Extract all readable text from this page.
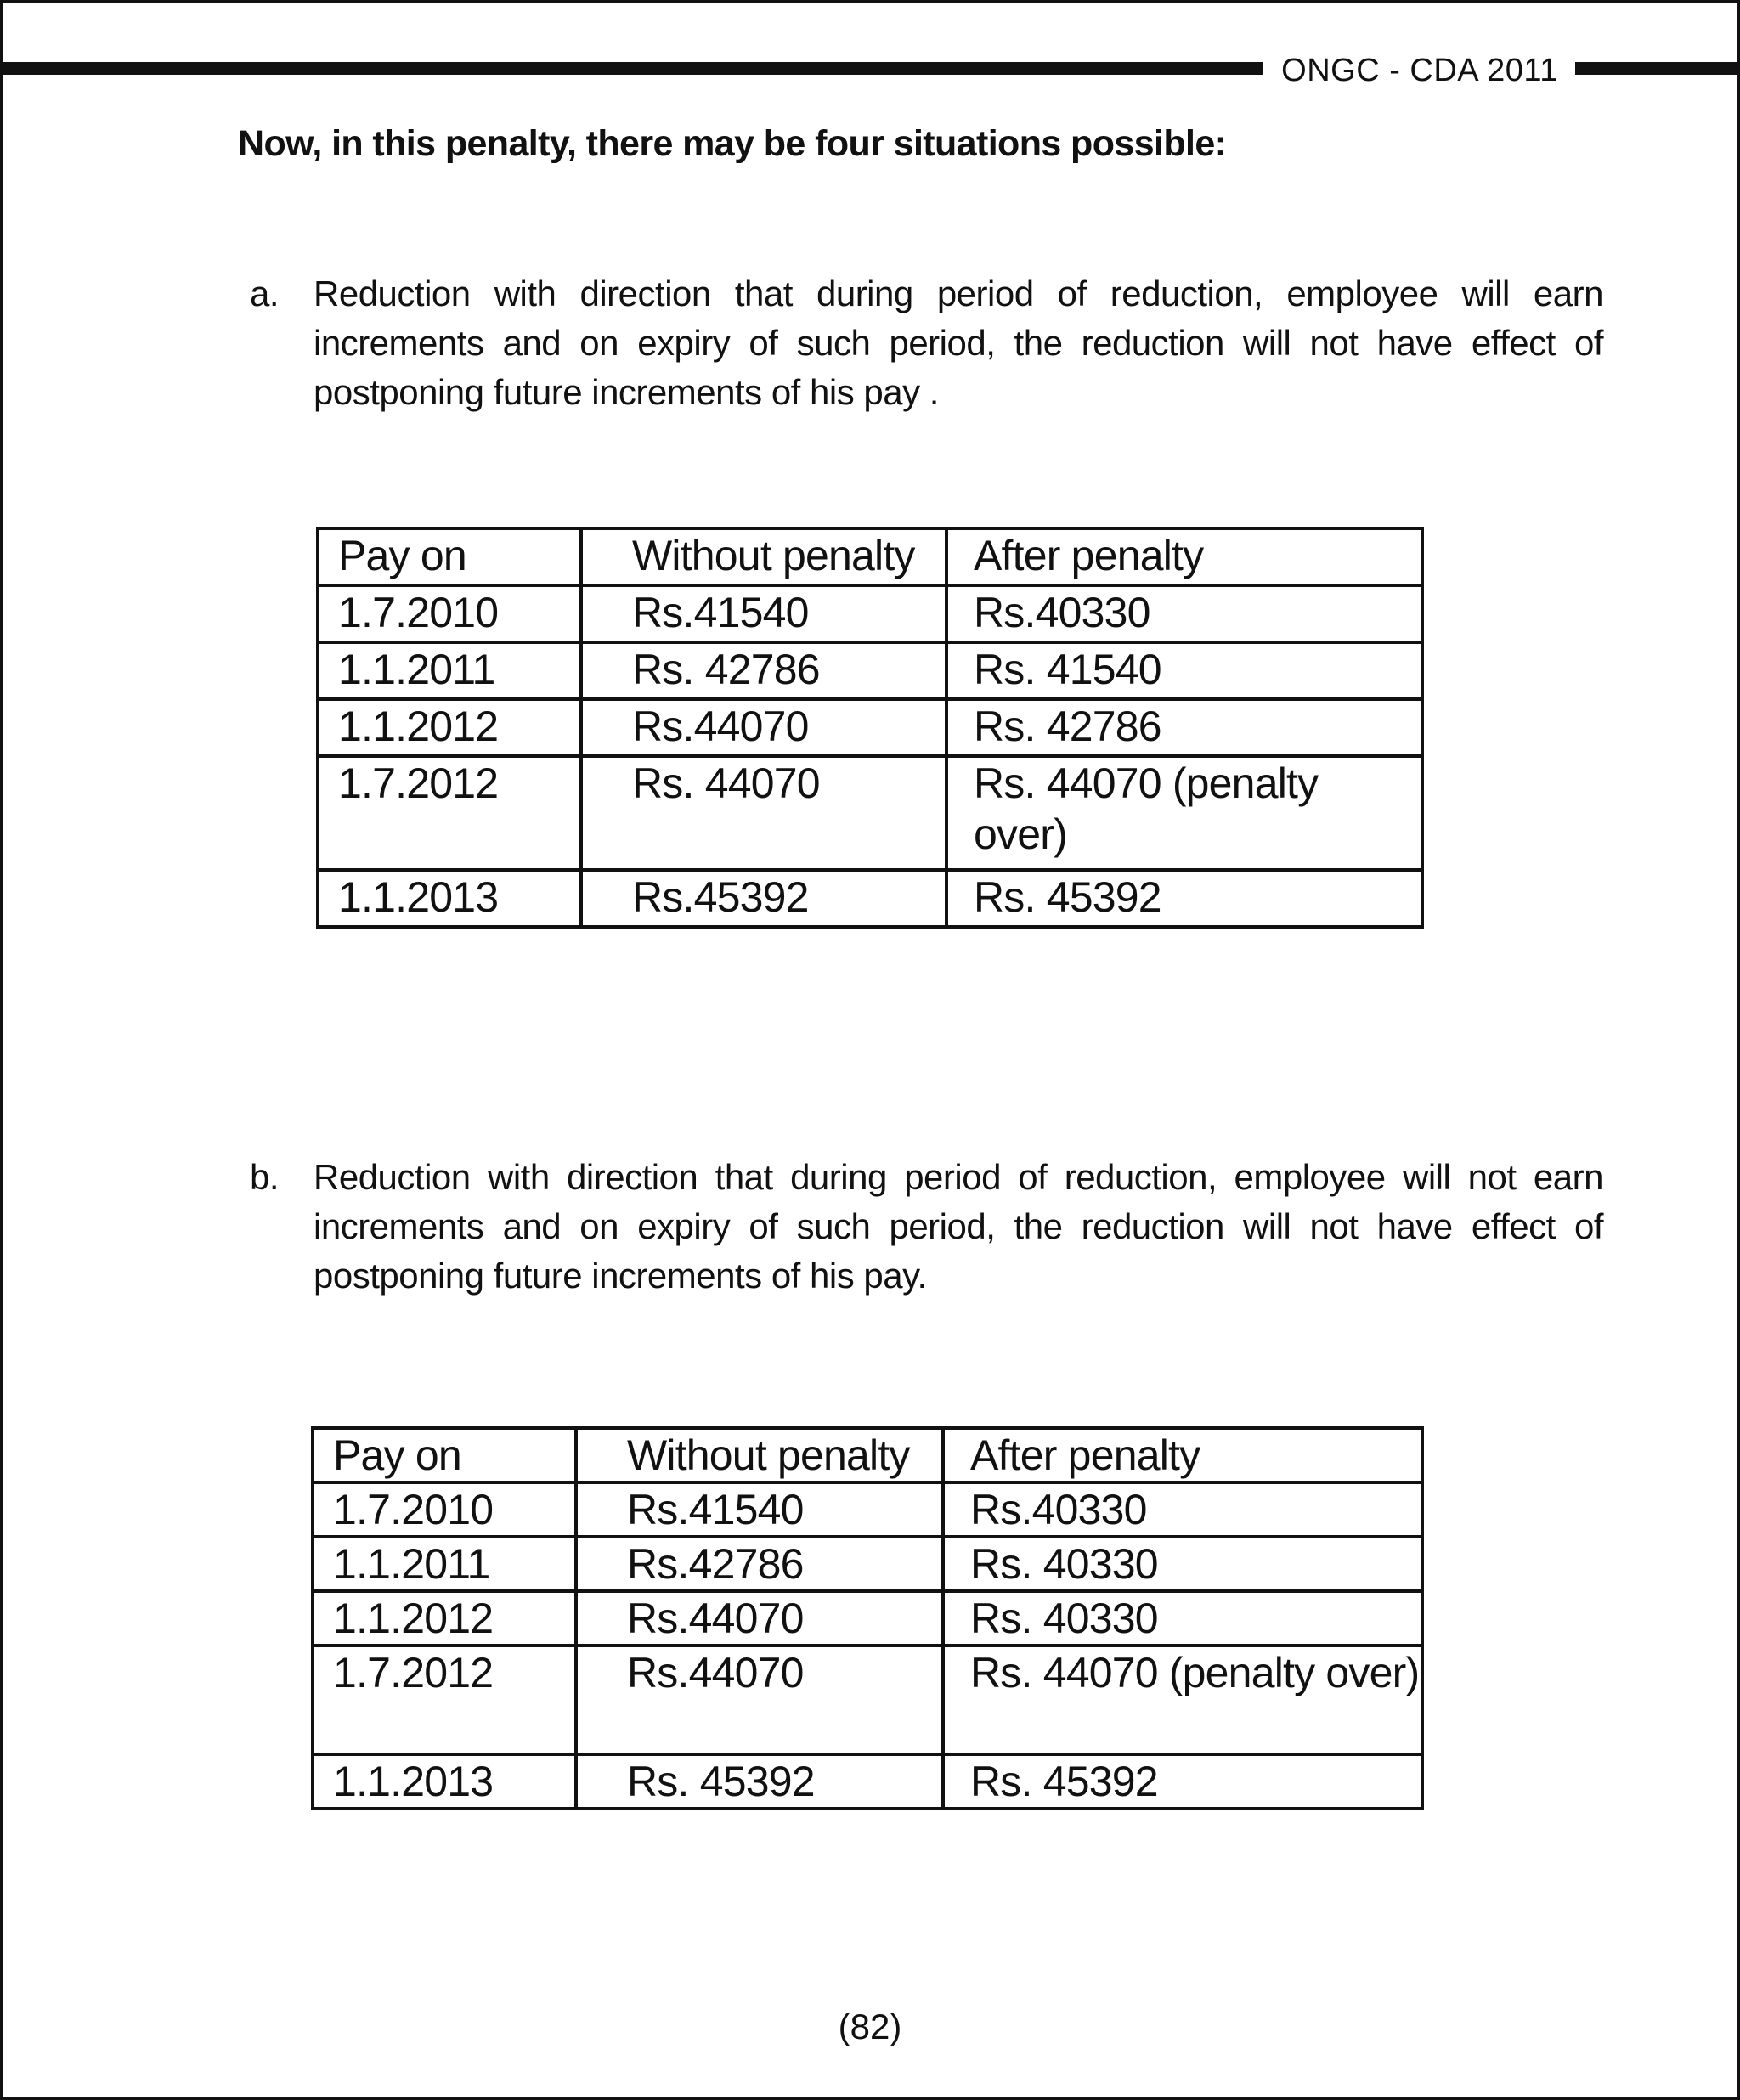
ONGC - CDA 2011
Now, in this penalty, there may be four situations possible:
a. Reduction with direction that during period of reduction, employee will earn increments and on expiry of such period, the reduction will not have effect of postponing future increments of his pay .
Pay on	Without penalty	After penalty
1.7.2010	Rs.41540	Rs.40330
1.1.2011	Rs. 42786	Rs. 41540
1.1.2012	Rs.44070	Rs. 42786
1.7.2012	Rs. 44070	Rs. 44070 (penalty over)
1.1.2013	Rs.45392	Rs. 45392
b. Reduction with direction that during period of reduction, employee will not earn increments and on expiry of such period, the reduction will not have effect of postponing future increments of his pay.
Pay on	Without penalty	After penalty
1.7.2010	Rs.41540	Rs.40330
1.1.2011	Rs.42786	Rs. 40330
1.1.2012	Rs.44070	Rs. 40330
1.7.2012	Rs.44070	Rs. 44070 (penalty over)
1.1.2013	Rs. 45392	Rs. 45392
(82)
